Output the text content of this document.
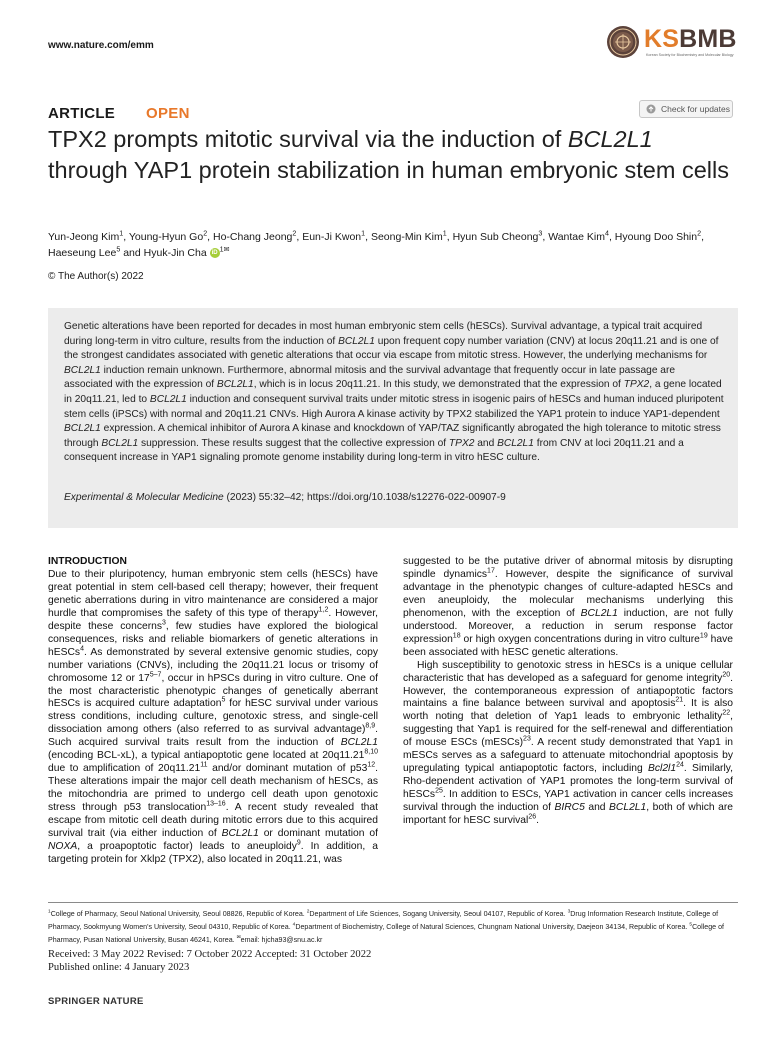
www.nature.com/emm	KSBMB
Korean Society for Biochemistry and Molecular Biology
ARTICLE OPEN	Check for updates
TPX2 prompts mitotic survival via the induction of BCL2L1 through YAP1 protein stabilization in human embryonic stem cells
Yun-Jeong Kim$^1$, Young-Hyun Go$^2$, Ho-Chang Jeong$^2$, Eun-Ji Kwon$^1$, Seong-Min Kim$^1$, Hyun Sub Cheong$^3$, Wantae Kim$^4$, Hyoung Doo Shin$^2$, Haeseung Lee$^5$ and Hyuk-Jin Cha iD $^{1✉}$
© The Author(s) 2022

Genetic alterations have been reported for decades in most human embryonic stem cells (hESCs). Survival advantage, a typical trait acquired during long-term in vitro culture, results from the induction of BCL2L1 upon frequent copy number variation (CNV) at locus 20q11.21 and is one of the strongest candidates associated with genetic alterations that occur via escape from mitotic stress. However, the underlying mechanisms for BCL2L1 induction remain unknown. Furthermore, abnormal mitosis and the survival advantage that frequently occur in late passage are associated with the expression of BCL2L1, which is in locus 20q11.21. In this study, we demonstrated that the expression of TPX2, a gene located in 20q11.21, led to BCL2L1 induction and consequent survival traits under mitotic stress in isogenic pairs of hESCs and human induced pluripotent stem cells (iPSCs) with normal and 20q11.21 CNVs. High Aurora A kinase activity by TPX2 stabilized the YAP1 protein to induce YAP1-dependent BCL2L1 expression. A chemical inhibitor of Aurora A kinase and knockdown of YAP/TAZ significantly abrogated the high tolerance to mitotic stress through BCL2L1 suppression. These results suggest that the collective expression of TPX2 and BCL2L1 from CNV at loci 20q11.21 and a consequent increase in YAP1 signaling promote genome instability during long-term in vitro hESC culture.

Experimental & Molecular Medicine (2023) 55:32–42; https://doi.org/10.1038/s12276-022-00907-9

INTRODUCTION

Due to their pluripotency, human embryonic stem cells (hESCs) have great potential in stem cell-based cell therapy; however, their frequent genetic aberrations during in vitro maintenance are considered a major hurdle that compromises the safety of this type of therapy$^{1,2}$. However, despite these concerns$^3$, few studies have explored the biological consequences, risks and reliable biomarkers of genetic alterations in hESCs$^4$. As demonstrated by several extensive genomic studies, copy number variations (CNVs), including the 20q11.21 locus or trisomy of chromosome 12 or 17$^{5-7}$, occur in hPSCs during in vitro culture. One of the most characteristic phenotypic changes of genetically aberrant hESCs is acquired culture adaptation$^5$ for hESC survival under various stress conditions, including culture, genotoxic stress, and single-cell dissociation among others (also referred to as survival advantage)$^{8,9}$. Such acquired survival traits result from the induction of BCL2L1 (encoding BCL-xL), a typical antiapoptotic gene located at 20q11.21$^{8,10}$ due to amplification of 20q11.21$^{11}$ and/or dominant mutation of $p53^{12}$. These alterations impair the major cell death mechanism of hESCs, as the mitochondria are primed to undergo cell death upon genotoxic stress through p53 translocation$^{13-16}$. A recent study revealed that escape from mitotic cell death during mitotic errors due to this acquired survival trait (via either induction of BCL2L1 or dominant mutation of NOXA, a proapoptotic factor) leads to aneuploidy$^9$. In addition, a targeting protein for Xklp2 (TPX2), also located in 20q11.21, was

suggested to be the putative driver of abnormal mitosis by disrupting spindle dynamics$^{17}$. However, despite the significance of survival advantage in the phenotypic changes of culture-adapted hESCs and even aneuploidy, the molecular mechanisms underlying this phenomenon, with the exception of BCL2L1 induction, are not fully understood. Moreover, a reduction in serum response factor expression$^{18}$ or high oxygen concentrations during in vitro culture$^{19}$ have been associated with hESC genetic alterations.

High susceptibility to genotoxic stress in hESCs is a unique cellular characteristic that has developed as a safeguard for genome integrity$^{20}$. However, the contemporaneous expression of antiapoptotic factors maintains a fine balance between survival and apoptosis$^{21}$. It is also worth noting that deletion of Yap1 leads to embryonic lethality$^{22}$, suggesting that Yap1 is required for the self-renewal and differentiation of mouse ESCs (mESCs)$^{23}$. A recent study demonstrated that Yap1 in mESCs serves as a safeguard to attenuate mitochondrial apoptosis by upregulating typical antiapoptotic factors, including $Bcl2l1^{24}$. Similarly, Rho-dependent activation of YAP1 promotes the long-term survival of hESCs$^{25}$. In addition to ESCs, YAP1 activation in cancer cells increases survival through the induction of BIRC5 and BCL2L1, both of which are important for hESC survival$^{26}$.

$^1$College of Pharmacy, Seoul National University, Seoul 08826, Republic of Korea. $^2$Department of Life Sciences, Sogang University, Seoul 04107, Republic of Korea. $^3$Drug Information Research Institute, College of Pharmacy, Sookmyung Women's University, Seoul 04310, Republic of Korea. $^4$Department of Biochemistry, College of Natural Sciences, Chungnam National University, Daejeon 34134, Republic of Korea. $^5$College of Pharmacy, Pusan National University, Busan 46241, Korea. ✉email: hjcha93@snu.ac.kr
Received: 3 May 2022 Revised: 7 October 2022 Accepted: 31 October 2022
Published online: 4 January 2023
SPRINGER NATURE
